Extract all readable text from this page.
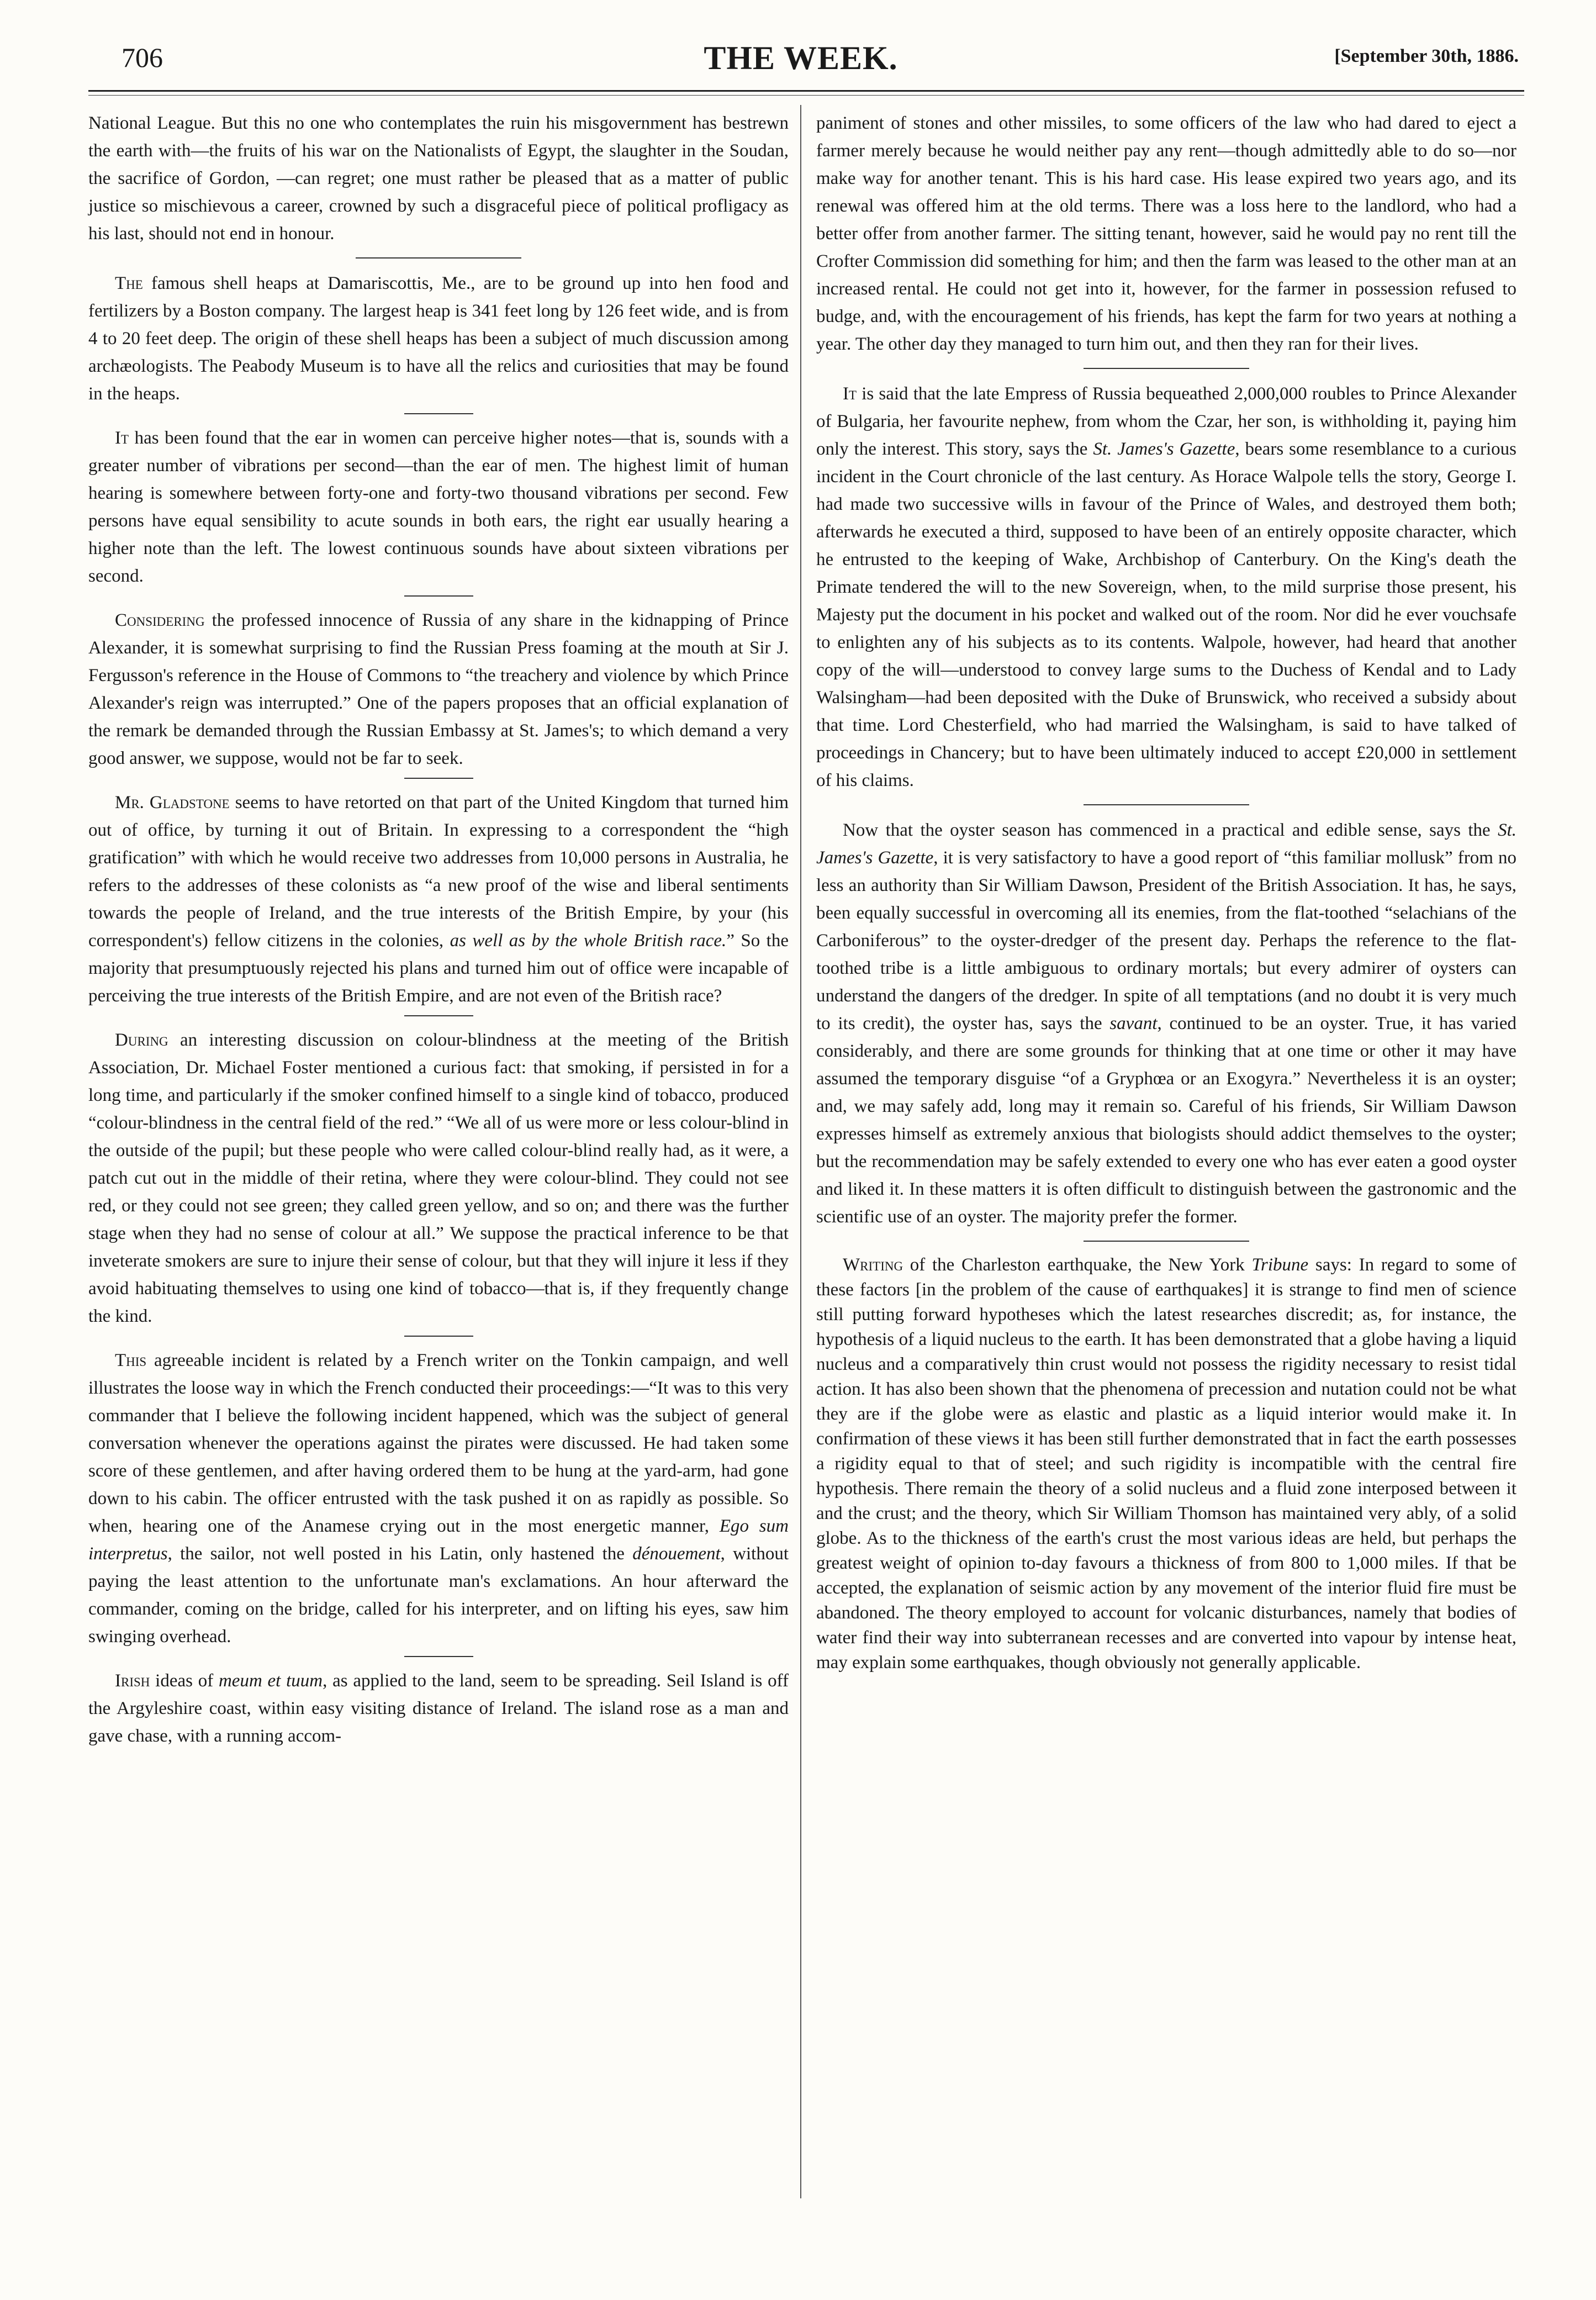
706	THE WEEK.	[September 30th, 1886.

National League. But this no one who contemplates the ruin his misgovernment has bestrewn the earth with—the fruits of his war on the Nationalists of Egypt, the slaughter in the Soudan, the sacrifice of Gordon, —can regret; one must rather be pleased that as a matter of public justice so mischievous a career, crowned by such a disgraceful piece of political profligacy as his last, should not end in honour.

The famous shell heaps at Damariscottis, Me., are to be ground up into hen food and fertilizers by a Boston company. The largest heap is 341 feet long by 126 feet wide, and is from 4 to 20 feet deep. The origin of these shell heaps has been a subject of much discussion among archæologists. The Peabody Museum is to have all the relics and curiosities that may be found in the heaps.

It has been found that the ear in women can perceive higher notes—that is, sounds with a greater number of vibrations per second—than the ear of men. The highest limit of human hearing is somewhere between forty-one and forty-two thousand vibrations per second. Few persons have equal sensibility to acute sounds in both ears, the right ear usually hearing a higher note than the left. The lowest continuous sounds have about sixteen vibrations per second.

Considering the professed innocence of Russia of any share in the kidnapping of Prince Alexander, it is somewhat surprising to find the Russian Press foaming at the mouth at Sir J. Fergusson's reference in the House of Commons to “the treachery and violence by which Prince Alexander's reign was interrupted.” One of the papers proposes that an official explanation of the remark be demanded through the Russian Embassy at St. James's; to which demand a very good answer, we suppose, would not be far to seek.

Mr. Gladstone seems to have retorted on that part of the United Kingdom that turned him out of office, by turning it out of Britain. In expressing to a correspondent the “high gratification” with which he would receive two addresses from 10,000 persons in Australia, he refers to the addresses of these colonists as “a new proof of the wise and liberal sentiments towards the people of Ireland, and the true interests of the British Empire, by your (his correspondent's) fellow citizens in the colonies, as well as by the whole British race.” So the majority that presumptuously rejected his plans and turned him out of office were incapable of perceiving the true interests of the British Empire, and are not even of the British race?

During an interesting discussion on colour-blindness at the meeting of the British Association, Dr. Michael Foster mentioned a curious fact: that smoking, if persisted in for a long time, and particularly if the smoker confined himself to a single kind of tobacco, produced “colour-blindness in the central field of the red.” “We all of us were more or less colour-blind in the outside of the pupil; but these people who were called colour-blind really had, as it were, a patch cut out in the middle of their retina, where they were colour-blind. They could not see red, or they could not see green; they called green yellow, and so on; and there was the further stage when they had no sense of colour at all.” We suppose the practical inference to be that inveterate smokers are sure to injure their sense of colour, but that they will injure it less if they avoid habituating themselves to using one kind of tobacco—that is, if they frequently change the kind.

This agreeable incident is related by a French writer on the Tonkin campaign, and well illustrates the loose way in which the French conducted their proceedings:—“It was to this very commander that I believe the following incident happened, which was the subject of general conversation whenever the operations against the pirates were discussed. He had taken some score of these gentlemen, and after having ordered them to be hung at the yard-arm, had gone down to his cabin. The officer entrusted with the task pushed it on as rapidly as possible. So when, hearing one of the Anamese crying out in the most energetic manner, Ego sum interpretus, the sailor, not well posted in his Latin, only hastened the dénouement, without paying the least attention to the unfortunate man's exclamations. An hour afterward the commander, coming on the bridge, called for his interpreter, and on lifting his eyes, saw him swinging overhead.

Irish ideas of meum et tuum, as applied to the land, seem to be spreading. Seil Island is off the Argyleshire coast, within easy visiting distance of Ireland. The island rose as a man and gave chase, with a running accom-

paniment of stones and other missiles, to some officers of the law who had dared to eject a farmer merely because he would neither pay any rent—though admittedly able to do so—nor make way for another tenant. This is his hard case. His lease expired two years ago, and its renewal was offered him at the old terms. There was a loss here to the landlord, who had a better offer from another farmer. The sitting tenant, however, said he would pay no rent till the Crofter Commission did something for him; and then the farm was leased to the other man at an increased rental. He could not get into it, however, for the farmer in possession refused to budge, and, with the encouragement of his friends, has kept the farm for two years at nothing a year. The other day they managed to turn him out, and then they ran for their lives.

It is said that the late Empress of Russia bequeathed 2,000,000 roubles to Prince Alexander of Bulgaria, her favourite nephew, from whom the Czar, her son, is withholding it, paying him only the interest. This story, says the St. James's Gazette, bears some resemblance to a curious incident in the Court chronicle of the last century. As Horace Walpole tells the story, George I. had made two successive wills in favour of the Prince of Wales, and destroyed them both; afterwards he executed a third, supposed to have been of an entirely opposite character, which he entrusted to the keeping of Wake, Archbishop of Canterbury. On the King's death the Primate tendered the will to the new Sovereign, when, to the mild surprise those present, his Majesty put the document in his pocket and walked out of the room. Nor did he ever vouchsafe to enlighten any of his subjects as to its contents. Walpole, however, had heard that another copy of the will—understood to convey large sums to the Duchess of Kendal and to Lady Walsingham—had been deposited with the Duke of Brunswick, who received a subsidy about that time. Lord Chesterfield, who had married the Walsingham, is said to have talked of proceedings in Chancery; but to have been ultimately induced to accept £20,000 in settlement of his claims.

Now that the oyster season has commenced in a practical and edible sense, says the St. James's Gazette, it is very satisfactory to have a good report of “this familiar mollusk” from no less an authority than Sir William Dawson, President of the British Association. It has, he says, been equally successful in overcoming all its enemies, from the flat-toothed “selachians of the Carboniferous” to the oyster-dredger of the present day. Perhaps the reference to the flat-toothed tribe is a little ambiguous to ordinary mortals; but every admirer of oysters can understand the dangers of the dredger. In spite of all temptations (and no doubt it is very much to its credit), the oyster has, says the savant, continued to be an oyster. True, it has varied considerably, and there are some grounds for thinking that at one time or other it may have assumed the temporary disguise “of a Gryphœa or an Exogyra.” Nevertheless it is an oyster; and, we may safely add, long may it remain so. Careful of his friends, Sir William Dawson expresses himself as extremely anxious that biologists should addict themselves to the oyster; but the recommendation may be safely extended to every one who has ever eaten a good oyster and liked it. In these matters it is often difficult to distinguish between the gastronomic and the scientific use of an oyster. The majority prefer the former.

Writing of the Charleston earthquake, the New York Tribune says: In regard to some of these factors [in the problem of the cause of earthquakes] it is strange to find men of science still putting forward hypotheses which the latest researches discredit; as, for instance, the hypothesis of a liquid nucleus to the earth. It has been demonstrated that a globe having a liquid nucleus and a comparatively thin crust would not possess the rigidity necessary to resist tidal action. It has also been shown that the phenomena of precession and nutation could not be what they are if the globe were as elastic and plastic as a liquid interior would make it. In confirmation of these views it has been still further demonstrated that in fact the earth possesses a rigidity equal to that of steel; and such rigidity is incompatible with the central fire hypothesis. There remain the theory of a solid nucleus and a fluid zone interposed between it and the crust; and the theory, which Sir William Thomson has maintained very ably, of a solid globe. As to the thickness of the earth's crust the most various ideas are held, but perhaps the greatest weight of opinion to-day favours a thickness of from 800 to 1,000 miles. If that be accepted, the explanation of seismic action by any movement of the interior fluid fire must be abandoned. The theory employed to account for volcanic disturbances, namely that bodies of water find their way into subterranean recesses and are converted into vapour by intense heat, may explain some earthquakes, though obviously not generally applicable.
